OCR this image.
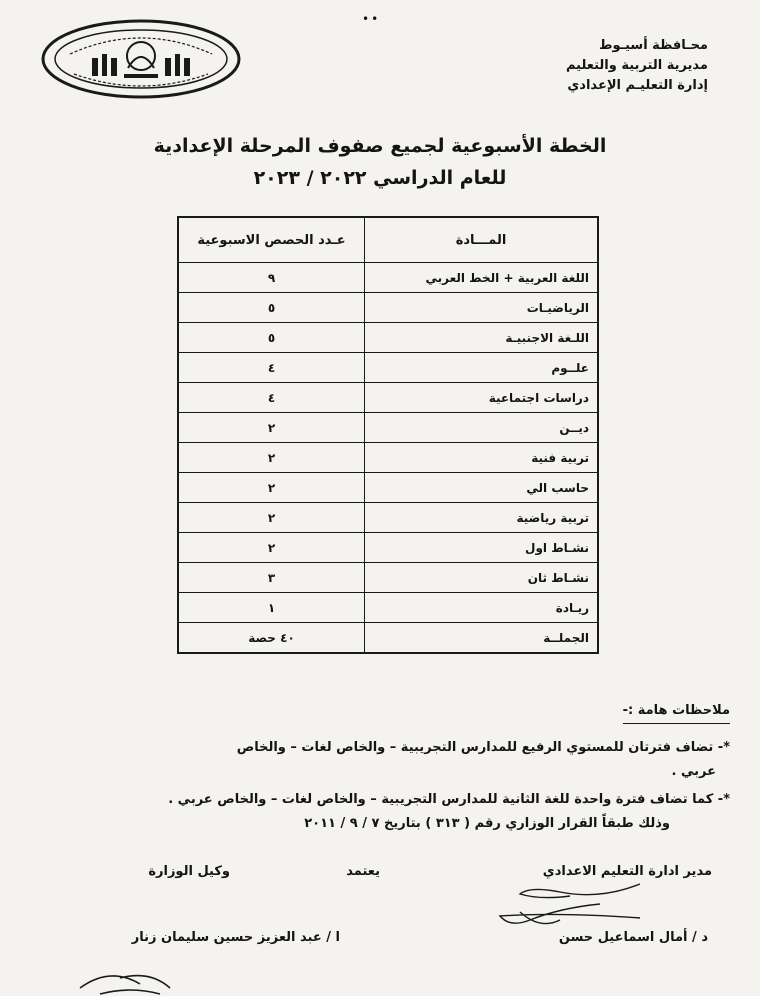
••
محـافظة أسيـوط
مديرية التربية والتعليم
إدارة التعليـم الإعدادي
الخطة الأسبوعية لجميع صفوف المرحلة الإعدادية
للعام الدراسي ٢٠٢٢ / ٢٠٢٣
المـــادة	عـدد الحصص الاسبوعية
اللغة العربية + الخط العربي	٩
الرياضيـات	٥
اللـغة الاجنبيـة	٥
علــوم	٤
دراسات اجتماعية	٤
ديــن	٢
تربية فنية	٢
حاسب الي	٢
تربية رياضية	٢
نشـاط اول	٢
نشـاط ثان	٣
ريـادة	١
الجملــة	٤٠ حصة
ملاحظات هامة :-
*- تضاف فترتان للمستوي الرفيع للمدارس التجريبية – والخاص لغات – والخاص
عربي .
*- كما تضاف فترة واحدة للغة الثانية للمدارس التجريبية – والخاص لغات – والخاص عربي .
وذلك طبقاً القرار الوزاري رقم ( ٣١٣ ) بتاريخ ٧ / ٩ / ٢٠١١
مدير ادارة التعليم الاعدادي
يعتمد
وكيل الوزارة
د / أمال اسماعيل حسن
ا / عبد العزيز حسين سليمان زنار
